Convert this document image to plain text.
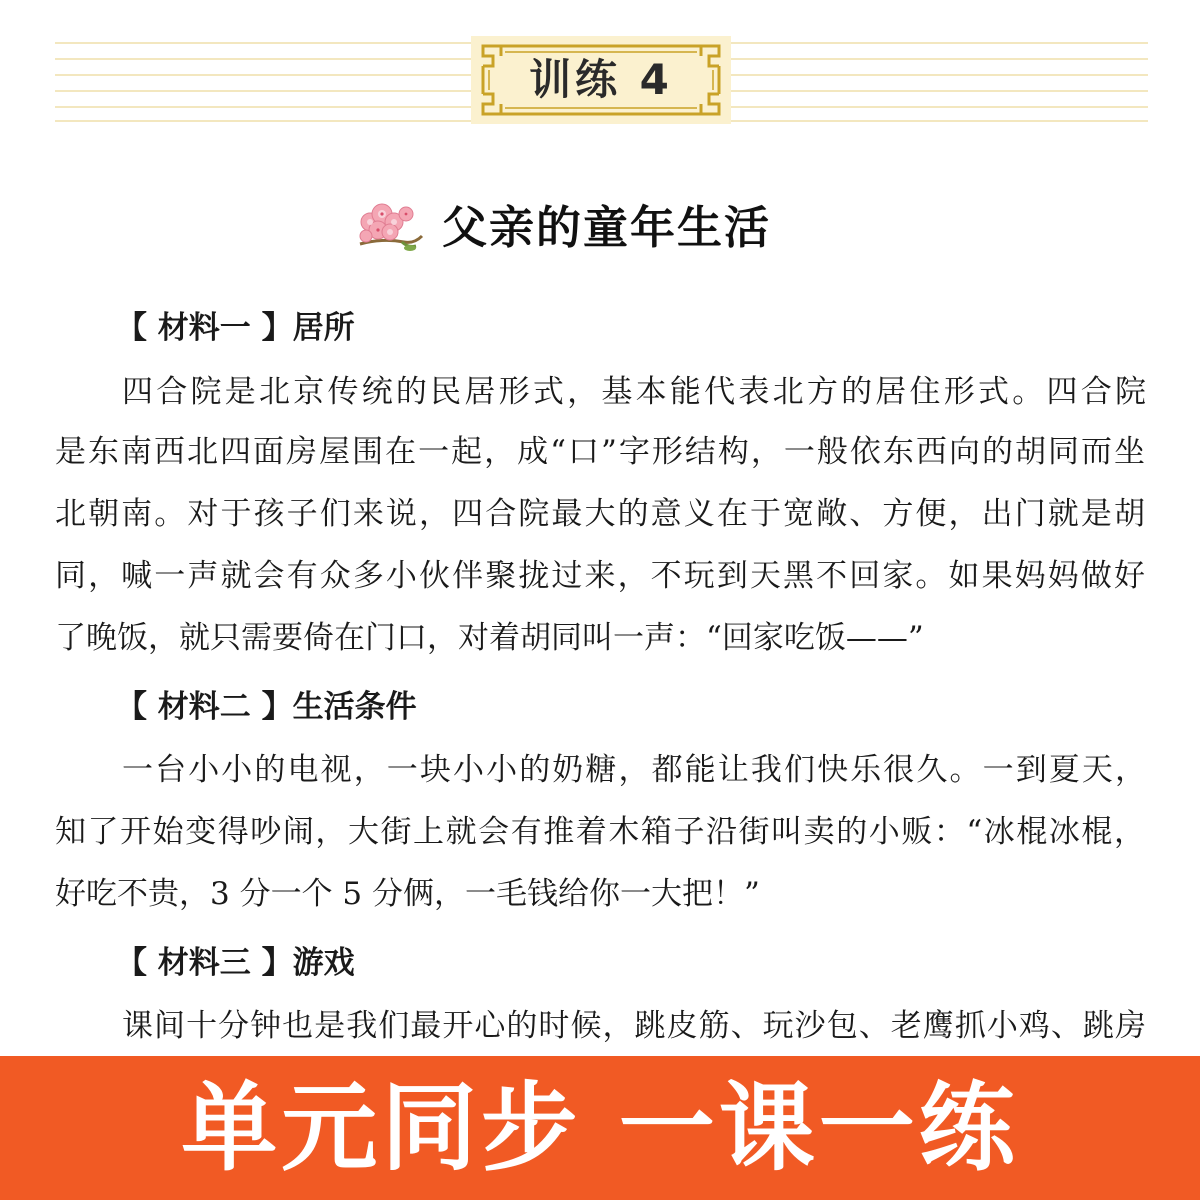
训练 4
父亲的童年生活
【 材料一 】居所
四合院是北京传统的民居形式，基本能代表北方的居住形式。四合院
是东南西北四面房屋围在一起，成“口”字形结构，一般依东西向的胡同而坐
北朝南。对于孩子们来说，四合院最大的意义在于宽敞、方便，出门就是胡
同，喊一声就会有众多小伙伴聚拢过来，不玩到天黑不回家。如果妈妈做好
了晚饭，就只需要倚在门口，对着胡同叫一声：“回家吃饭——”
【 材料二 】生活条件
一台小小的电视，一块小小的奶糖，都能让我们快乐很久。一到夏天，
知了开始变得吵闹，大街上就会有推着木箱子沿街叫卖的小贩：“冰棍冰棍，
好吃不贵，3 分一个 5 分俩，一毛钱给你一大把！”
【 材料三 】游戏
课间十分钟也是我们最开心的时候，跳皮筋、玩沙包、老鹰抓小鸡、跳房
单元同步 一课一练
